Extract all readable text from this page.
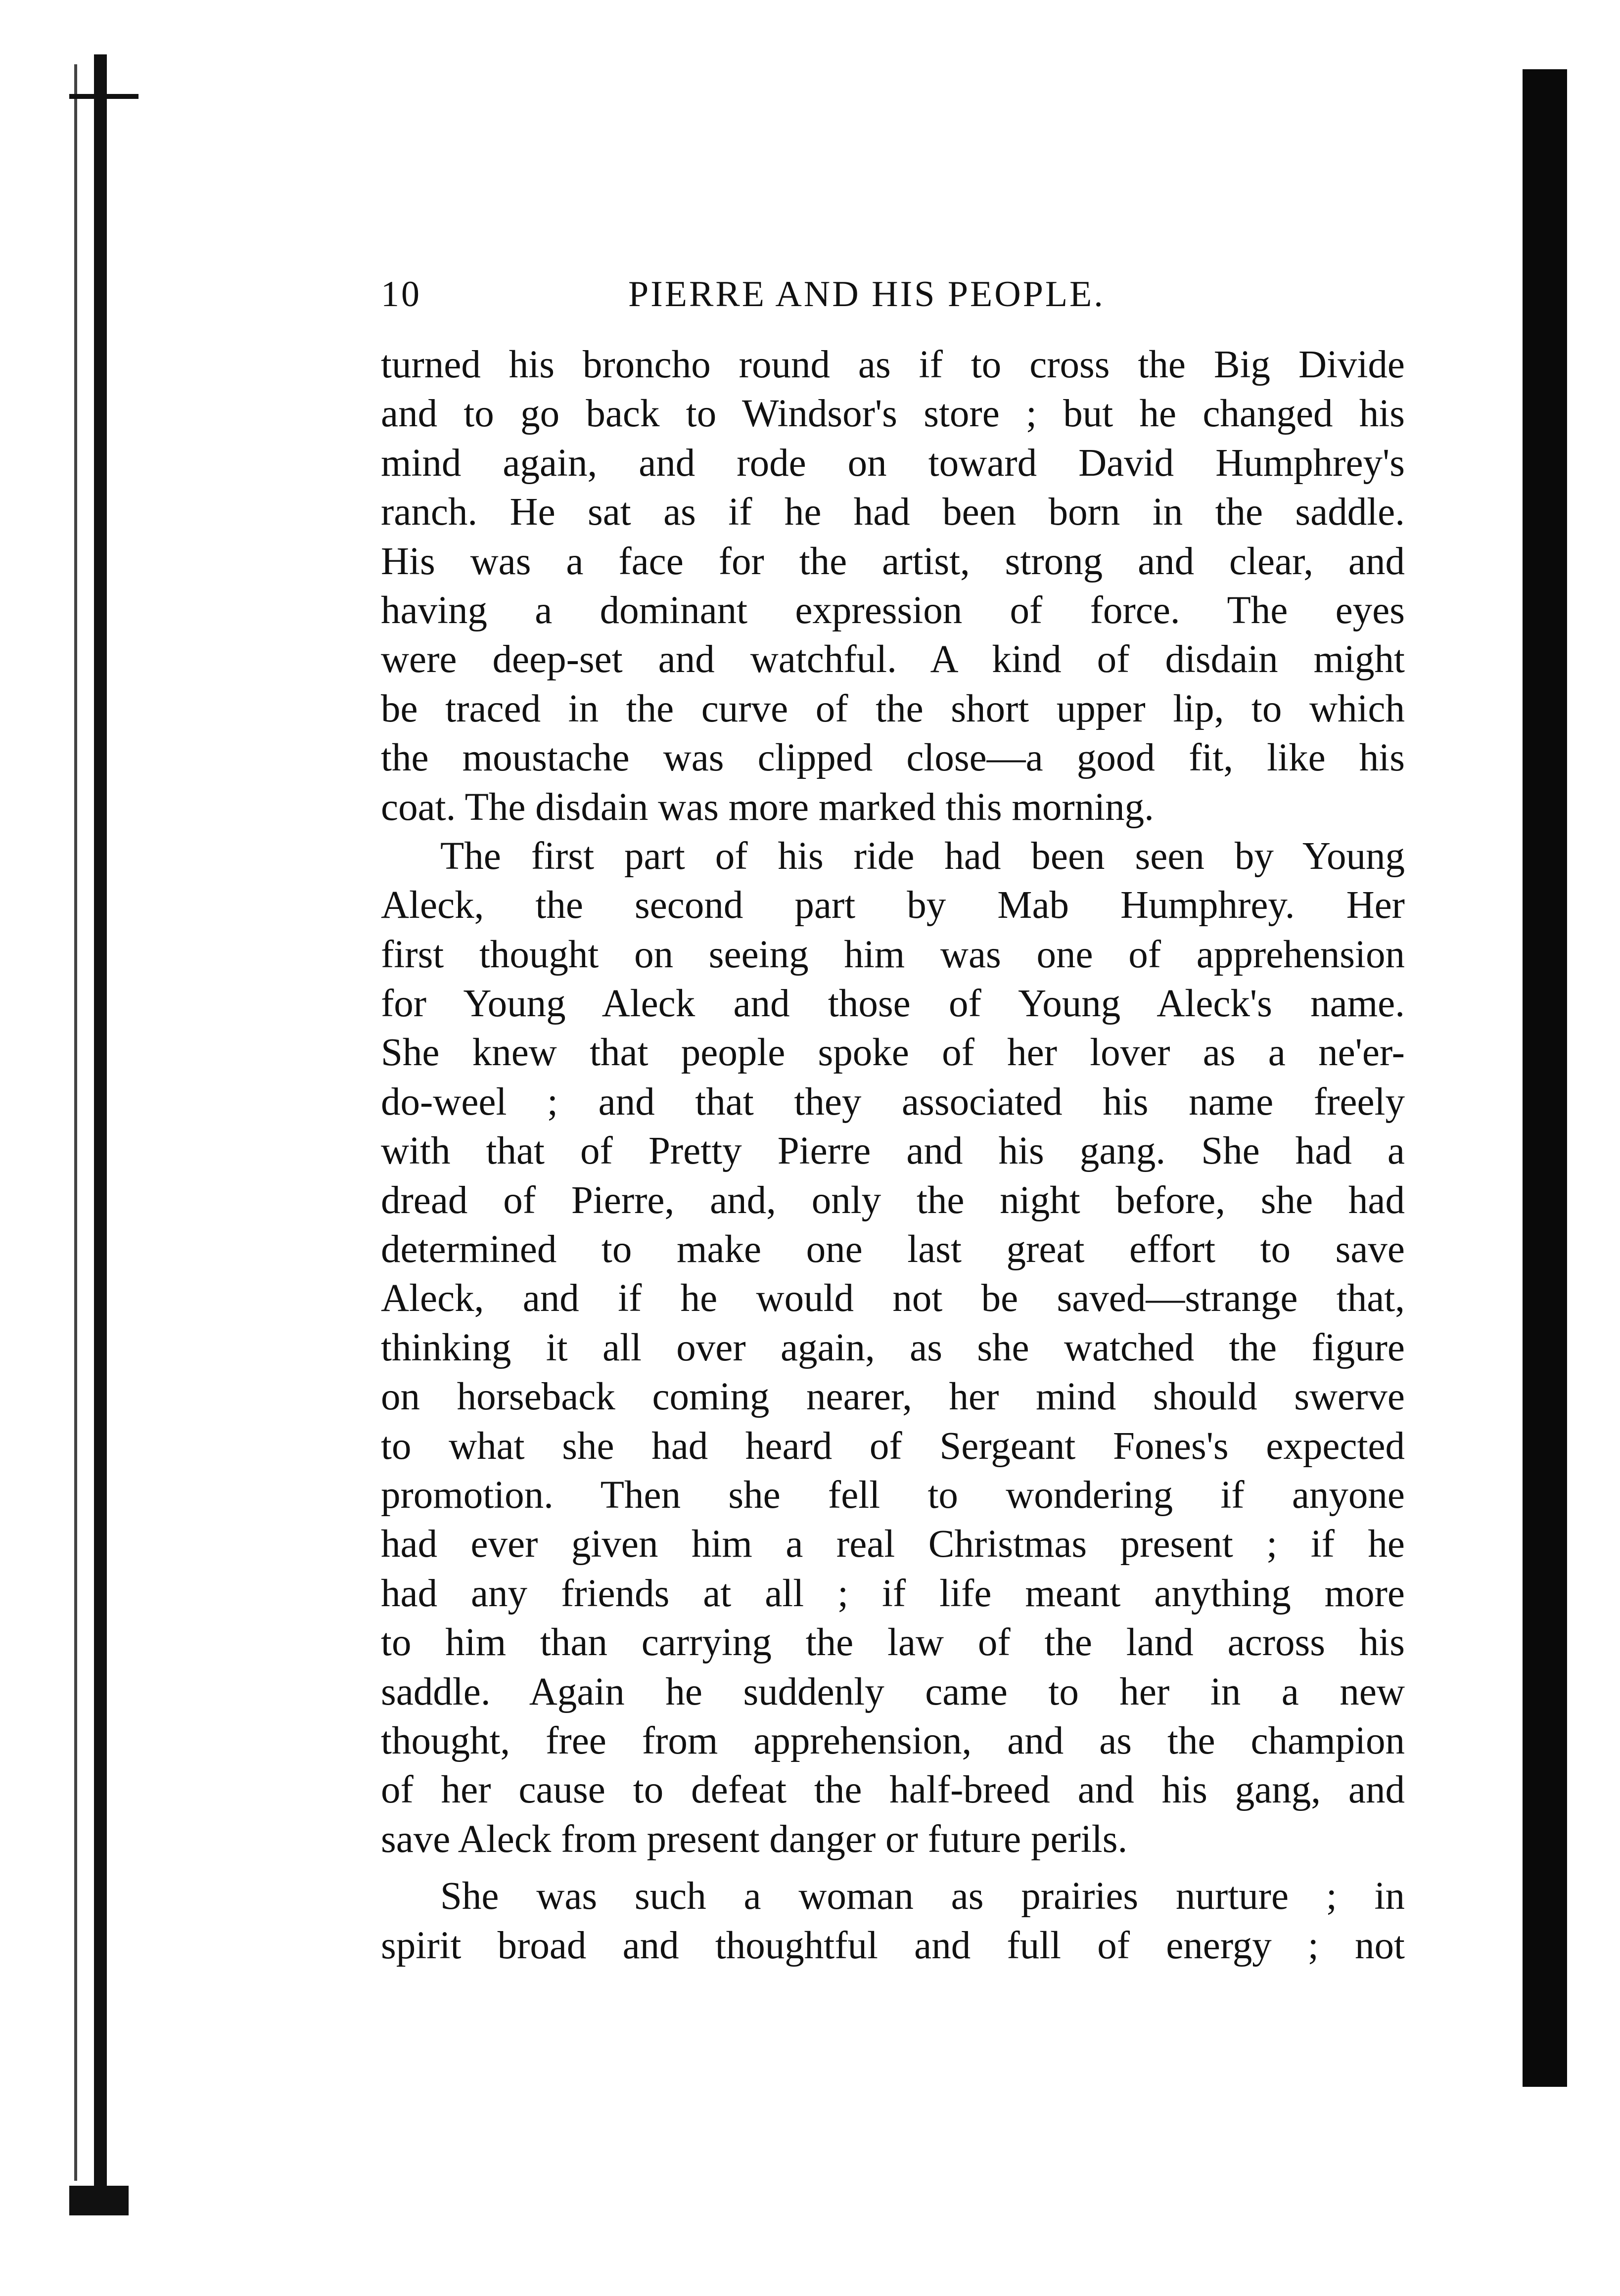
10	PIERRE AND HIS PEOPLE.
turned his broncho round as if to cross the Big Divide
and to go back to Windsor's store ; but he changed his
mind again, and rode on toward David Humphrey's
ranch. He sat as if he had been born in the saddle.
His was a face for the artist, strong and clear, and
having a dominant expression of force. The eyes
were deep-set and watchful. A kind of disdain might
be traced in the curve of the short upper lip, to which
the moustache was clipped close—a good fit, like his
coat. The disdain was more marked this morning.
The first part of his ride had been seen by Young
Aleck, the second part by Mab Humphrey. Her
first thought on seeing him was one of apprehension
for Young Aleck and those of Young Aleck's name.
She knew that people spoke of her lover as a ne'er-
do-weel ; and that they associated his name freely
with that of Pretty Pierre and his gang. She had a
dread of Pierre, and, only the night before, she had
determined to make one last great effort to save
Aleck, and if he would not be saved—strange that,
thinking it all over again, as she watched the figure
on horseback coming nearer, her mind should swerve
to what she had heard of Sergeant Fones's expected
promotion. Then she fell to wondering if anyone
had ever given him a real Christmas present ; if he
had any friends at all ; if life meant anything more
to him than carrying the law of the land across his
saddle. Again he suddenly came to her in a new
thought, free from apprehension, and as the champion
of her cause to defeat the half-breed and his gang, and
save Aleck from present danger or future perils.
She was such a woman as prairies nurture ; in
spirit broad and thoughtful and full of energy ; not
